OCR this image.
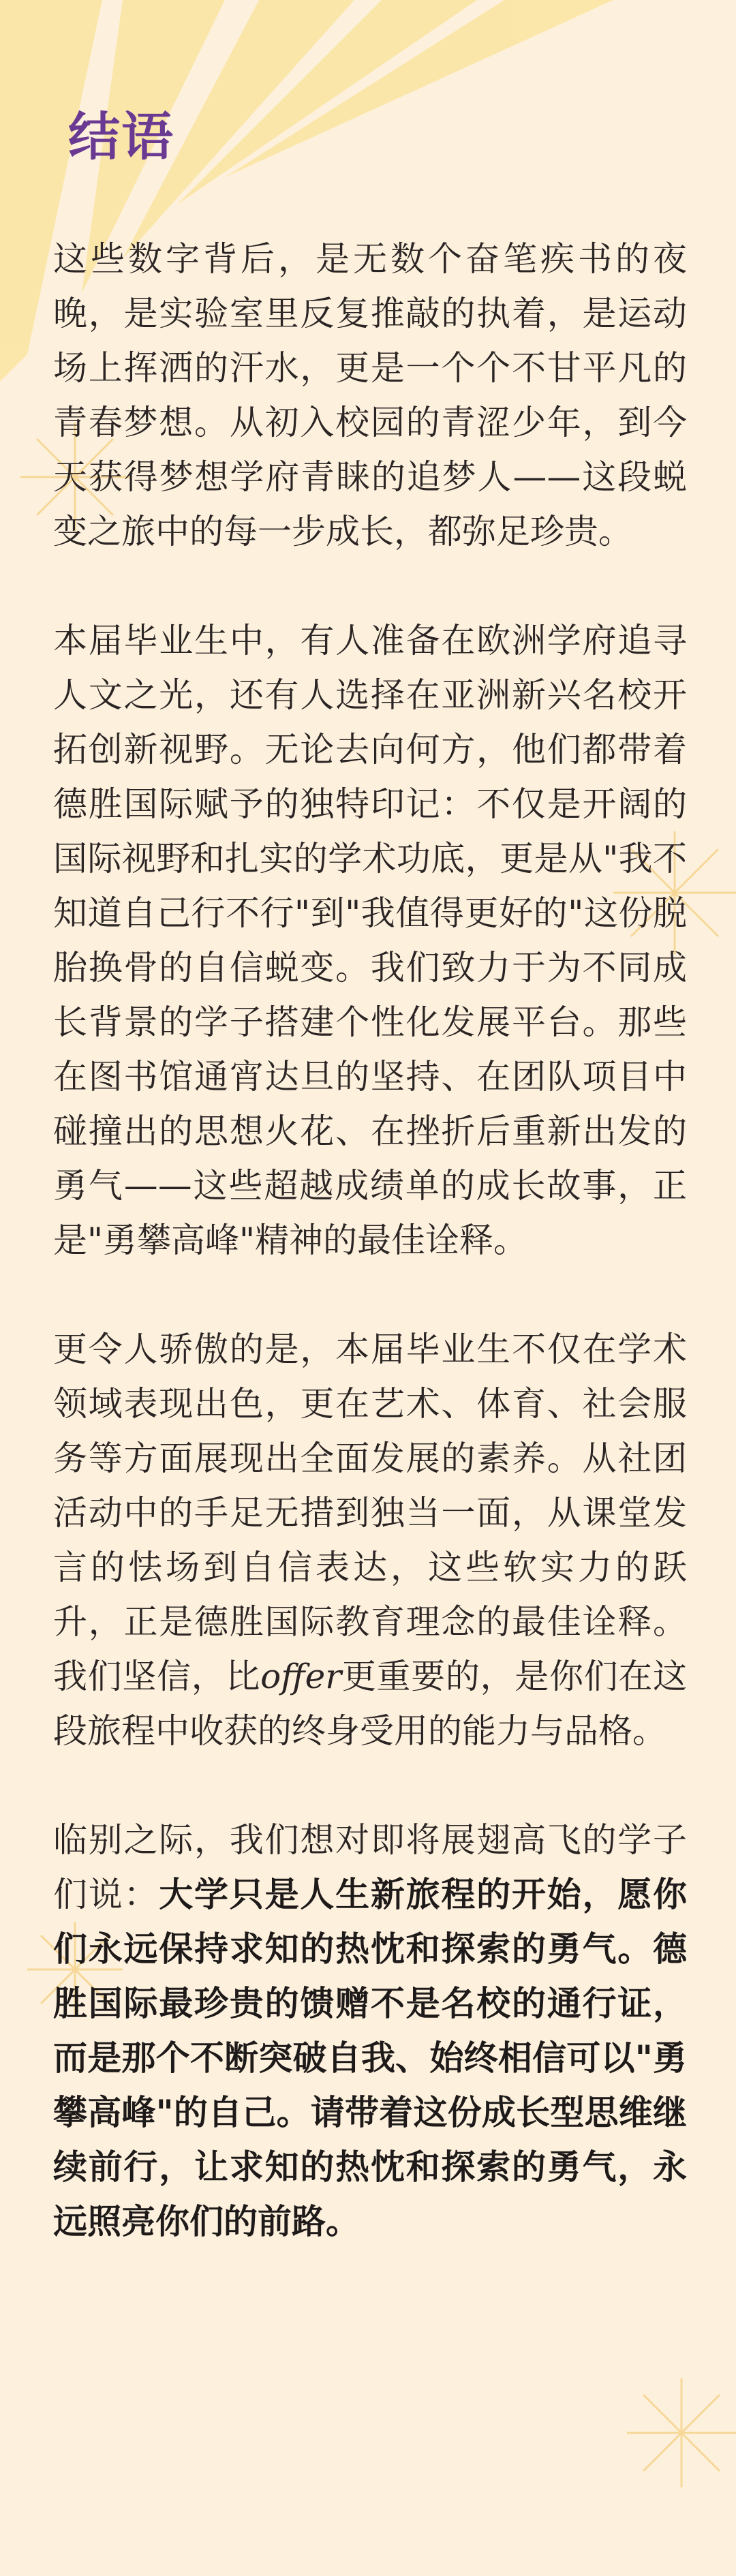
结语

这些数字背后，是无数个奋笔疾书的夜晚，是实验室里反复推敲的执着，是运动场上挥洒的汗水，更是一个个不甘平凡的青春梦想。从初入校园的青涩少年，到今天获得梦想学府青睐的追梦人——这段蜕变之旅中的每一步成长，都弥足珍贵。

本届毕业生中，有人准备在欧洲学府追寻人文之光，还有人选择在亚洲新兴名校开拓创新视野。无论去向何方，他们都带着德胜国际赋予的独特印记：不仅是开阔的国际视野和扎实的学术功底，更是从"我不知道自己行不行"到"我值得更好的"这份脱胎换骨的自信蜕变。我们致力于为不同成长背景的学子搭建个性化发展平台。那些在图书馆通宵达旦的坚持、在团队项目中碰撞出的思想火花、在挫折后重新出发的勇气——这些超越成绩单的成长故事，正是"勇攀高峰"精神的最佳诠释。

更令人骄傲的是，本届毕业生不仅在学术领域表现出色，更在艺术、体育、社会服务等方面展现出全面发展的素养。从社团活动中的手足无措到独当一面，从课堂发言的怯场到自信表达，这些软实力的跃升，正是德胜国际教育理念的最佳诠释。我们坚信，比offer更重要的，是你们在这段旅程中收获的终身受用的能力与品格。

临别之际，我们想对即将展翅高飞的学子们说：大学只是人生新旅程的开始，愿你们永远保持求知的热忱和探索的勇气。德胜国际最珍贵的馈赠不是名校的通行证，而是那个不断突破自我、始终相信可以"勇攀高峰"的自己。请带着这份成长型思维继续前行，让求知的热忱和探索的勇气，永远照亮你们的前路。
